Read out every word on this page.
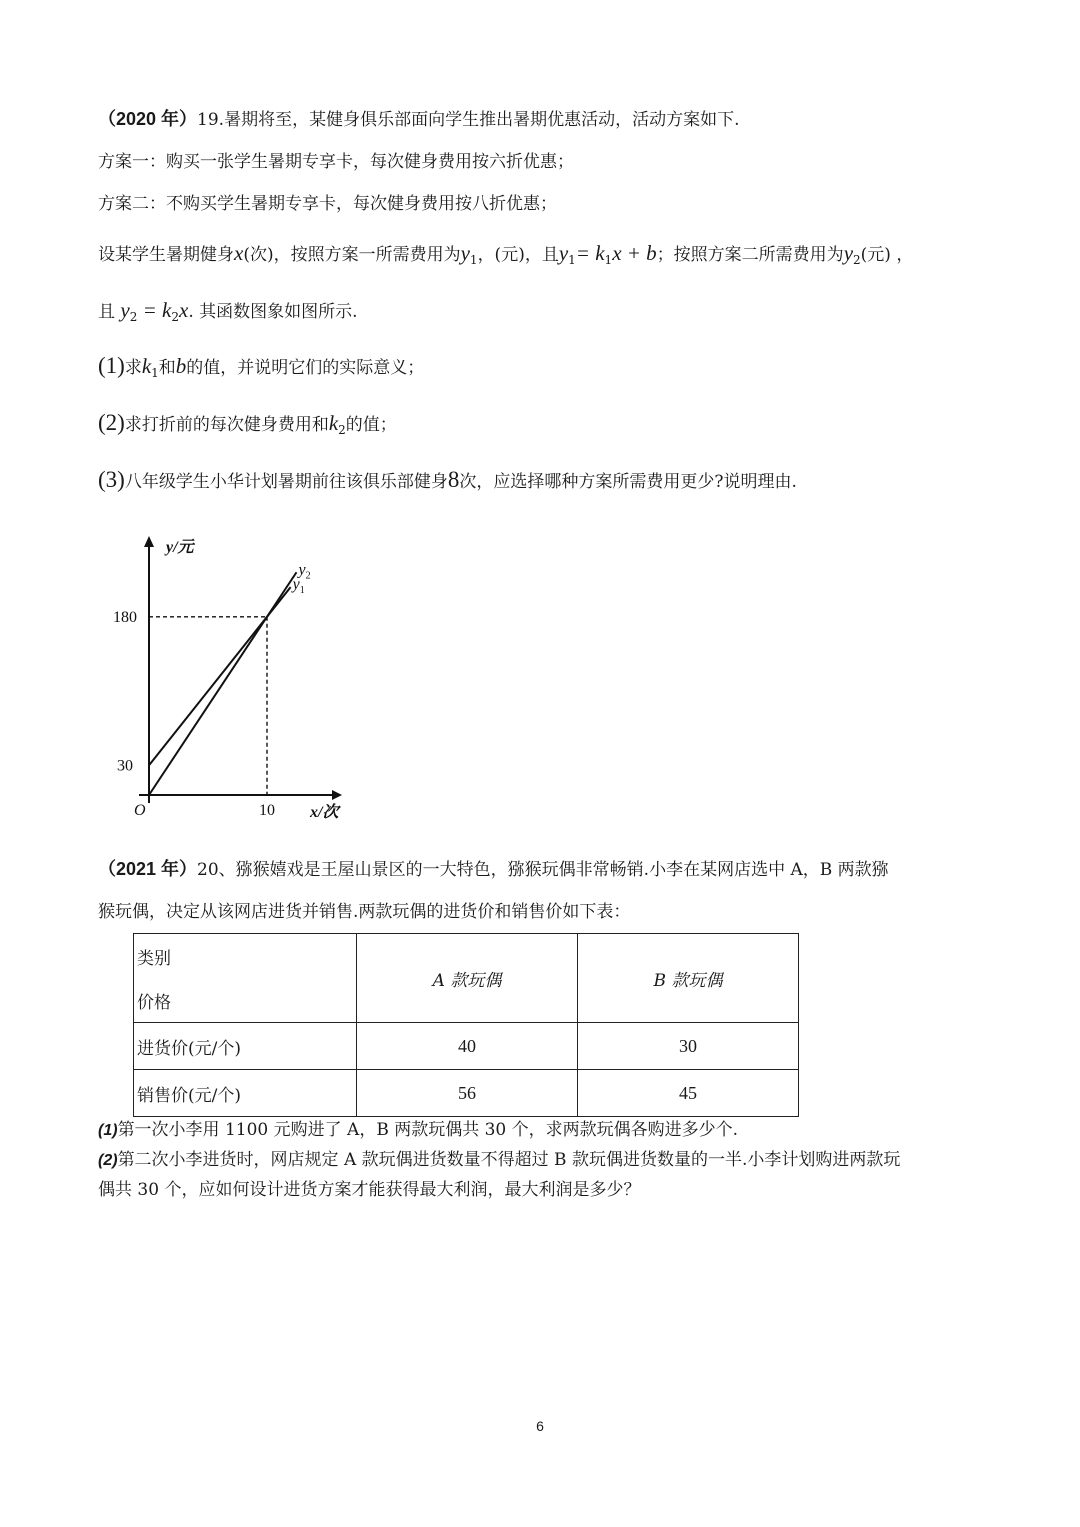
（2020 年）19.暑期将至，某健身俱乐部面向学生推出暑期优惠活动，活动方案如下.
方案一：购买一张学生暑期专享卡，每次健身费用按六折优惠；
方案二：不购买学生暑期专享卡，每次健身费用按八折优惠；
设某学生暑期健身x(次)，按照方案一所需费用为$y_1$，(元)，且$y_1= k_1x + b$；按照方案二所需费用为$y_2$(元) ，
且 $y_2 = k_2x$. 其函数图象如图所示.
(1)求$k_1$和b的值，并说明它们的实际意义；
(2)求打折前的每次健身费用和$k_2$的值；
(3)八年级学生小华计划暑期前往该俱乐部健身8次，应选择哪种方案所需费用更少?说明理由.
$y_2$
$y_1$
30
180
10
O
y/元
x/次
（2021 年）20、猕猴嬉戏是王屋山景区的一大特色，猕猴玩偶非常畅销.小李在某网店选中 A，B 两款猕
猴玩偶，决定从该网店进货并销售.两款玩偶的进货价和销售价如下表：
类别
价格	A 款玩偶	B 款玩偶
进货价(元/个)	40	30
销售价(元/个)	56	45
(1)第一次小李用 1100 元购进了 A，B 两款玩偶共 30 个，求两款玩偶各购进多少个.
(2)第二次小李进货时，网店规定 A 款玩偶进货数量不得超过 B 款玩偶进货数量的一半.小李计划购进两款玩
偶共 30 个，应如何设计进货方案才能获得最大利润，最大利润是多少？
6
